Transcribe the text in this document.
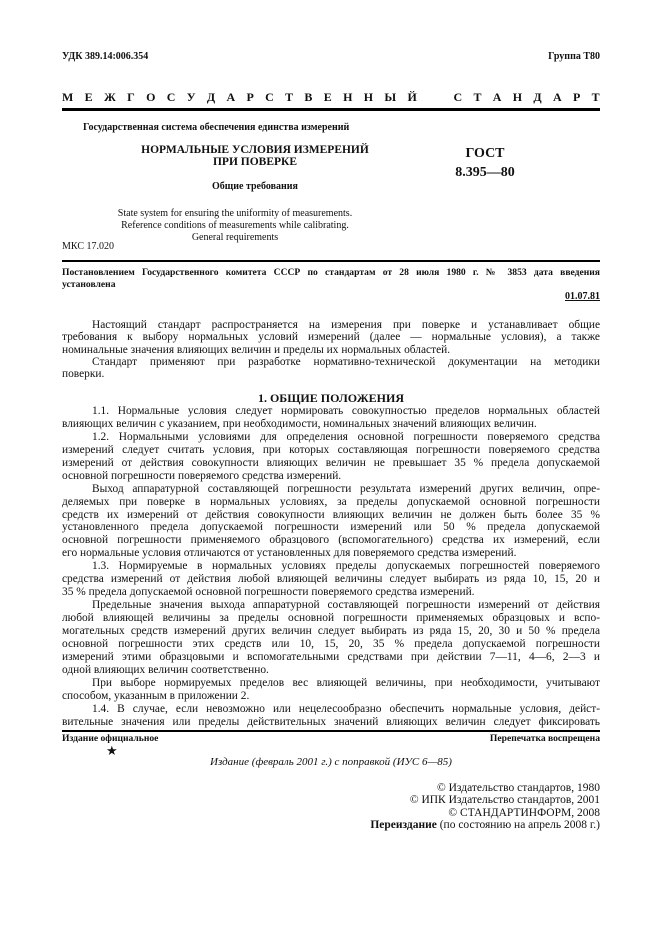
УДК 389.14:006.354	Группа Т80
М Е Ж Г О С У Д А Р С Т В Е Н Н Ы Й	С Т А Н Д А Р Т
Государственная система обеспечения единства измерений
НОРМАЛЬНЫЕ УСЛОВИЯ ИЗМЕРЕНИЙ
ПРИ ПОВЕРКЕ
Общие требования
ГОСТ
8.395—80
State system for ensuring the uniformity of measurements.
Reference conditions of measurements while calibrating.
General requirements
МКС 17.020
Постановлением Государственного комитета СССР по стандартам от 28 июля 1980 г. № 3853 дата введения
установлена
01.07.81
Настоящий стандарт распространяется на измерения при поверке и устанавливает общие
требования к выбору нормальных условий измерений (далее — нормальные условия), а также
номинальные значения влияющих величин и пределы их нормальных областей.
Стандарт применяют при разработке нормативно-технической документации на методики
поверки.
1. ОБЩИЕ ПОЛОЖЕНИЯ
1.1. Нормальные условия следует нормировать совокупностью пределов нормальных областей
влияющих величин с указанием, при необходимости, номинальных значений влияющих величин.
1.2. Нормальными условиями для определения основной погрешности поверяемого средства
измерений следует считать условия, при которых составляющая погрешности поверяемого средства
измерений от действия совокупности влияющих величин не превышает 35 % предела допускаемой
основной погрешности поверяемого средства измерений.
Выход аппаратурной составляющей погрешности результата измерений других величин, опре-
деляемых при поверке в нормальных условиях, за пределы допускаемой основной погрешности
средств их измерений от действия совокупности влияющих величин не должен быть более 35 %
установленного предела допускаемой погрешности измерений или 50 % предела допускаемой
основной погрешности применяемого образцового (вспомогательного) средства их измерений, если
его нормальные условия отличаются от установленных для поверяемого средства измерений.
1.3. Нормируемые в нормальных условиях пределы допускаемых погрешностей поверяемого
средства измерений от действия любой влияющей величины следует выбирать из ряда 10, 15, 20 и
35 % предела допускаемой основной погрешности поверяемого средства измерений.
Предельные значения выхода аппаратурной составляющей погрешности измерений от действия
любой влияющей величины за пределы основной погрешности применяемых образцовых и вспо-
могательных средств измерений других величин следует выбирать из ряда 15, 20, 30 и 50 % предела
основной погрешности этих средств или 10, 15, 20, 35 % предела допускаемой погрешности
измерений этими образцовыми и вспомогательными средствами при действии 7—11, 4—6, 2—3 и
одной влияющих величин соответственно.
При выборе нормируемых пределов вес влияющей величины, при необходимости, учитывают
способом, указанным в приложении 2.
1.4. В случае, если невозможно или нецелесообразно обеспечить нормальные условия, дейст-
вительные значения или пределы действительных значений влияющих величин следует фиксировать
Издание официальное	Перепечатка воспрещена
★
Издание (февраль 2001 г.) с поправкой (ИУС 6—85)
© Издательство стандартов, 1980
© ИПК Издательство стандартов, 2001
© СТАНДАРТИНФОРМ, 2008
Переиздание (по состоянию на апрель 2008 г.)
